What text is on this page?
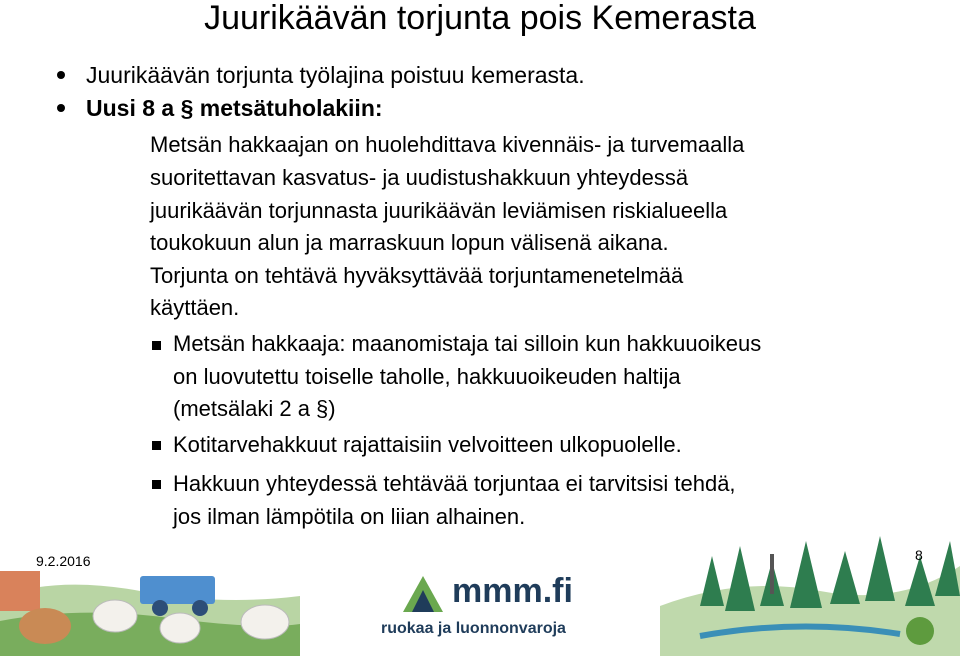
Juurikäävän torjunta pois Kemerasta
Juurikäävän torjunta työlajina poistuu kemerasta.
Uusi 8 a § metsätuholakiin:
Metsän hakkaajan on huolehdittava kivennäis- ja turvemaalla
suoritettavan kasvatus- ja uudistushakkuun yhteydessä
juurikäävän torjunnasta juurikäävän leviämisen riskialueella
toukokuun alun ja marraskuun lopun välisenä aikana.
Torjunta on tehtävä hyväksyttävää torjuntamenetelmää
käyttäen.
Metsän hakkaaja: maanomistaja tai silloin kun hakkuuoikeus
on luovutettu toiselle taholle, hakkuuoikeuden haltija
(metsälaki 2 a §)
Kotitarvehakkuut rajattaisiin velvoitteen ulkopuolelle.
Hakkuun yhteydessä tehtävää torjuntaa ei tarvitsisi tehdä,
jos ilman lämpötila on liian alhainen.
mmm.fi
ruokaa ja luonnonvaroja
9.2.2016	8
